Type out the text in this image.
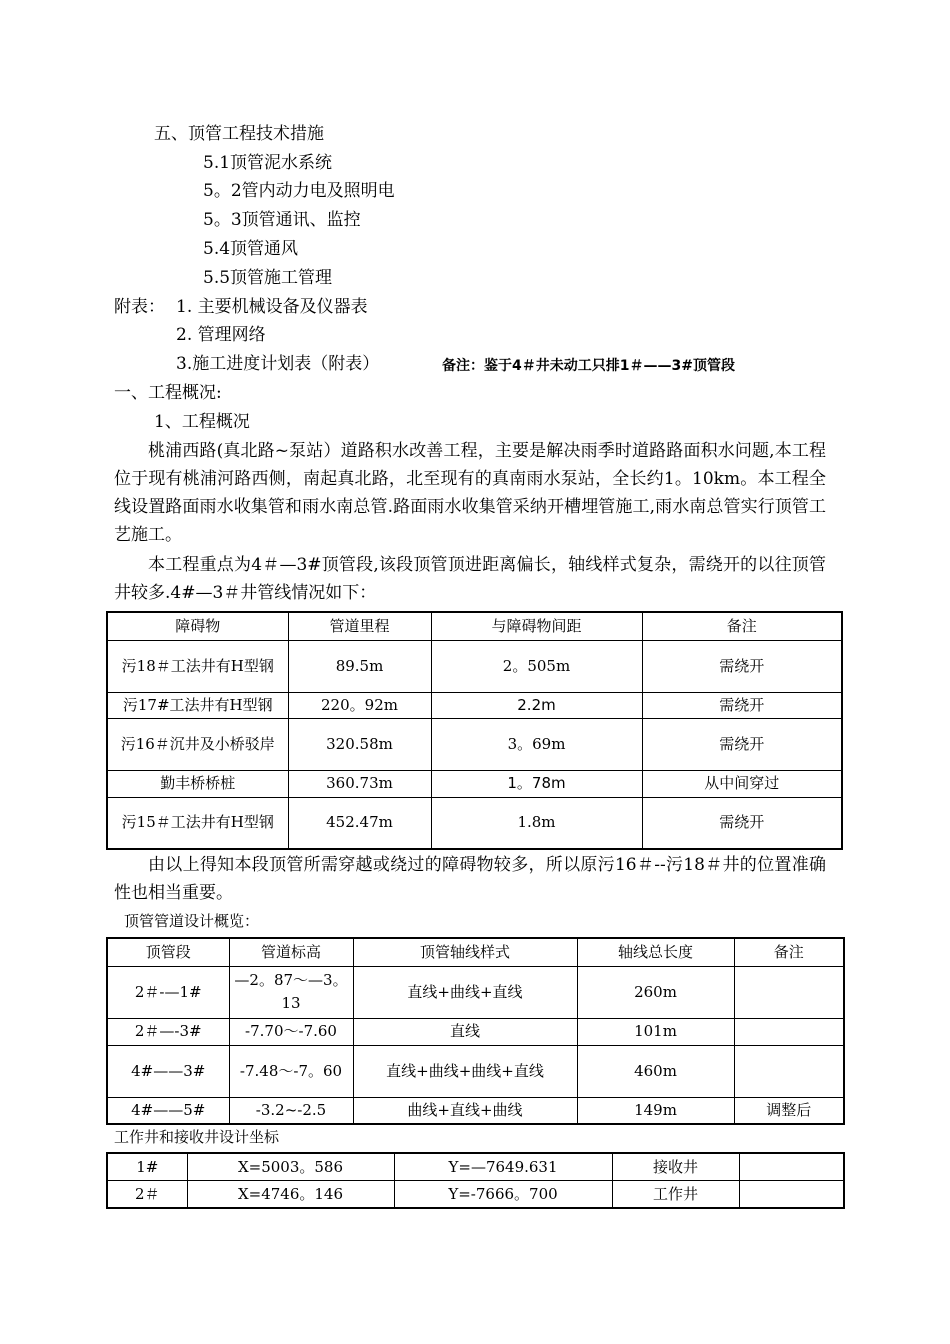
五、顶管工程技术措施
5.1顶管泥水系统
5。2管内动力电及照明电
5。3顶管通讯、监控
5.4顶管通风
5.5顶管施工管理
附表： 1. 主要机械设备及仪器表
2. 管理网络
3.施工进度计划表（附表）	备注：鉴于4＃井未动工只排1＃——3#顶管段
一、工程概况:
1、工程概况
桃浦西路(真北路~泵站）道路积水改善工程，主要是解决雨季时道路路面积水问题,本工程位于现有桃浦河路西侧，南起真北路，北至现有的真南雨水泵站，全长约1。10km。本工程全线设置路面雨水收集管和雨水南总管.路面雨水收集管采纳开槽埋管施工,雨水南总管实行顶管工艺施工。
本工程重点为4＃—3#顶管段,该段顶管顶进距离偏长，轴线样式复杂，需绕开的以往顶管井较多.4#—3＃井管线情况如下：
障碍物	管道里程	与障碍物间距	备注
污18＃工法井有H型钢	89.5m	2。505m	需绕开
污17#工法井有H型钢	220。92m	2.2m	需绕开
污16＃沉井及小桥驳岸	320.58m	3。69m	需绕开
勤丰桥桥桩	360.73m	1。78m	从中间穿过
污15＃工法井有H型钢	452.47m	1.8m	需绕开
由以上得知本段顶管所需穿越或绕过的障碍物较多，所以原污16＃--污18＃井的位置准确性也相当重要。
顶管管道设计概览：
顶管段	管道标高	顶管轴线样式	轴线总长度	备注
2＃-—1#	—2。87～—3。13	直线+曲线+直线	260m	
2＃—-3#	-7.70～-7.60	直线	101m	
4#——3#	-7.48～-7。60	直线+曲线+曲线+直线	460m	
4#——5#	-3.2~-2.5	曲线+直线+曲线	149m	调整后
工作井和接收井设计坐标
1#	X=5003。586	Y=—7649.631	接收井	
2＃	X=4746。146	Y=-7666。700	工作井	
